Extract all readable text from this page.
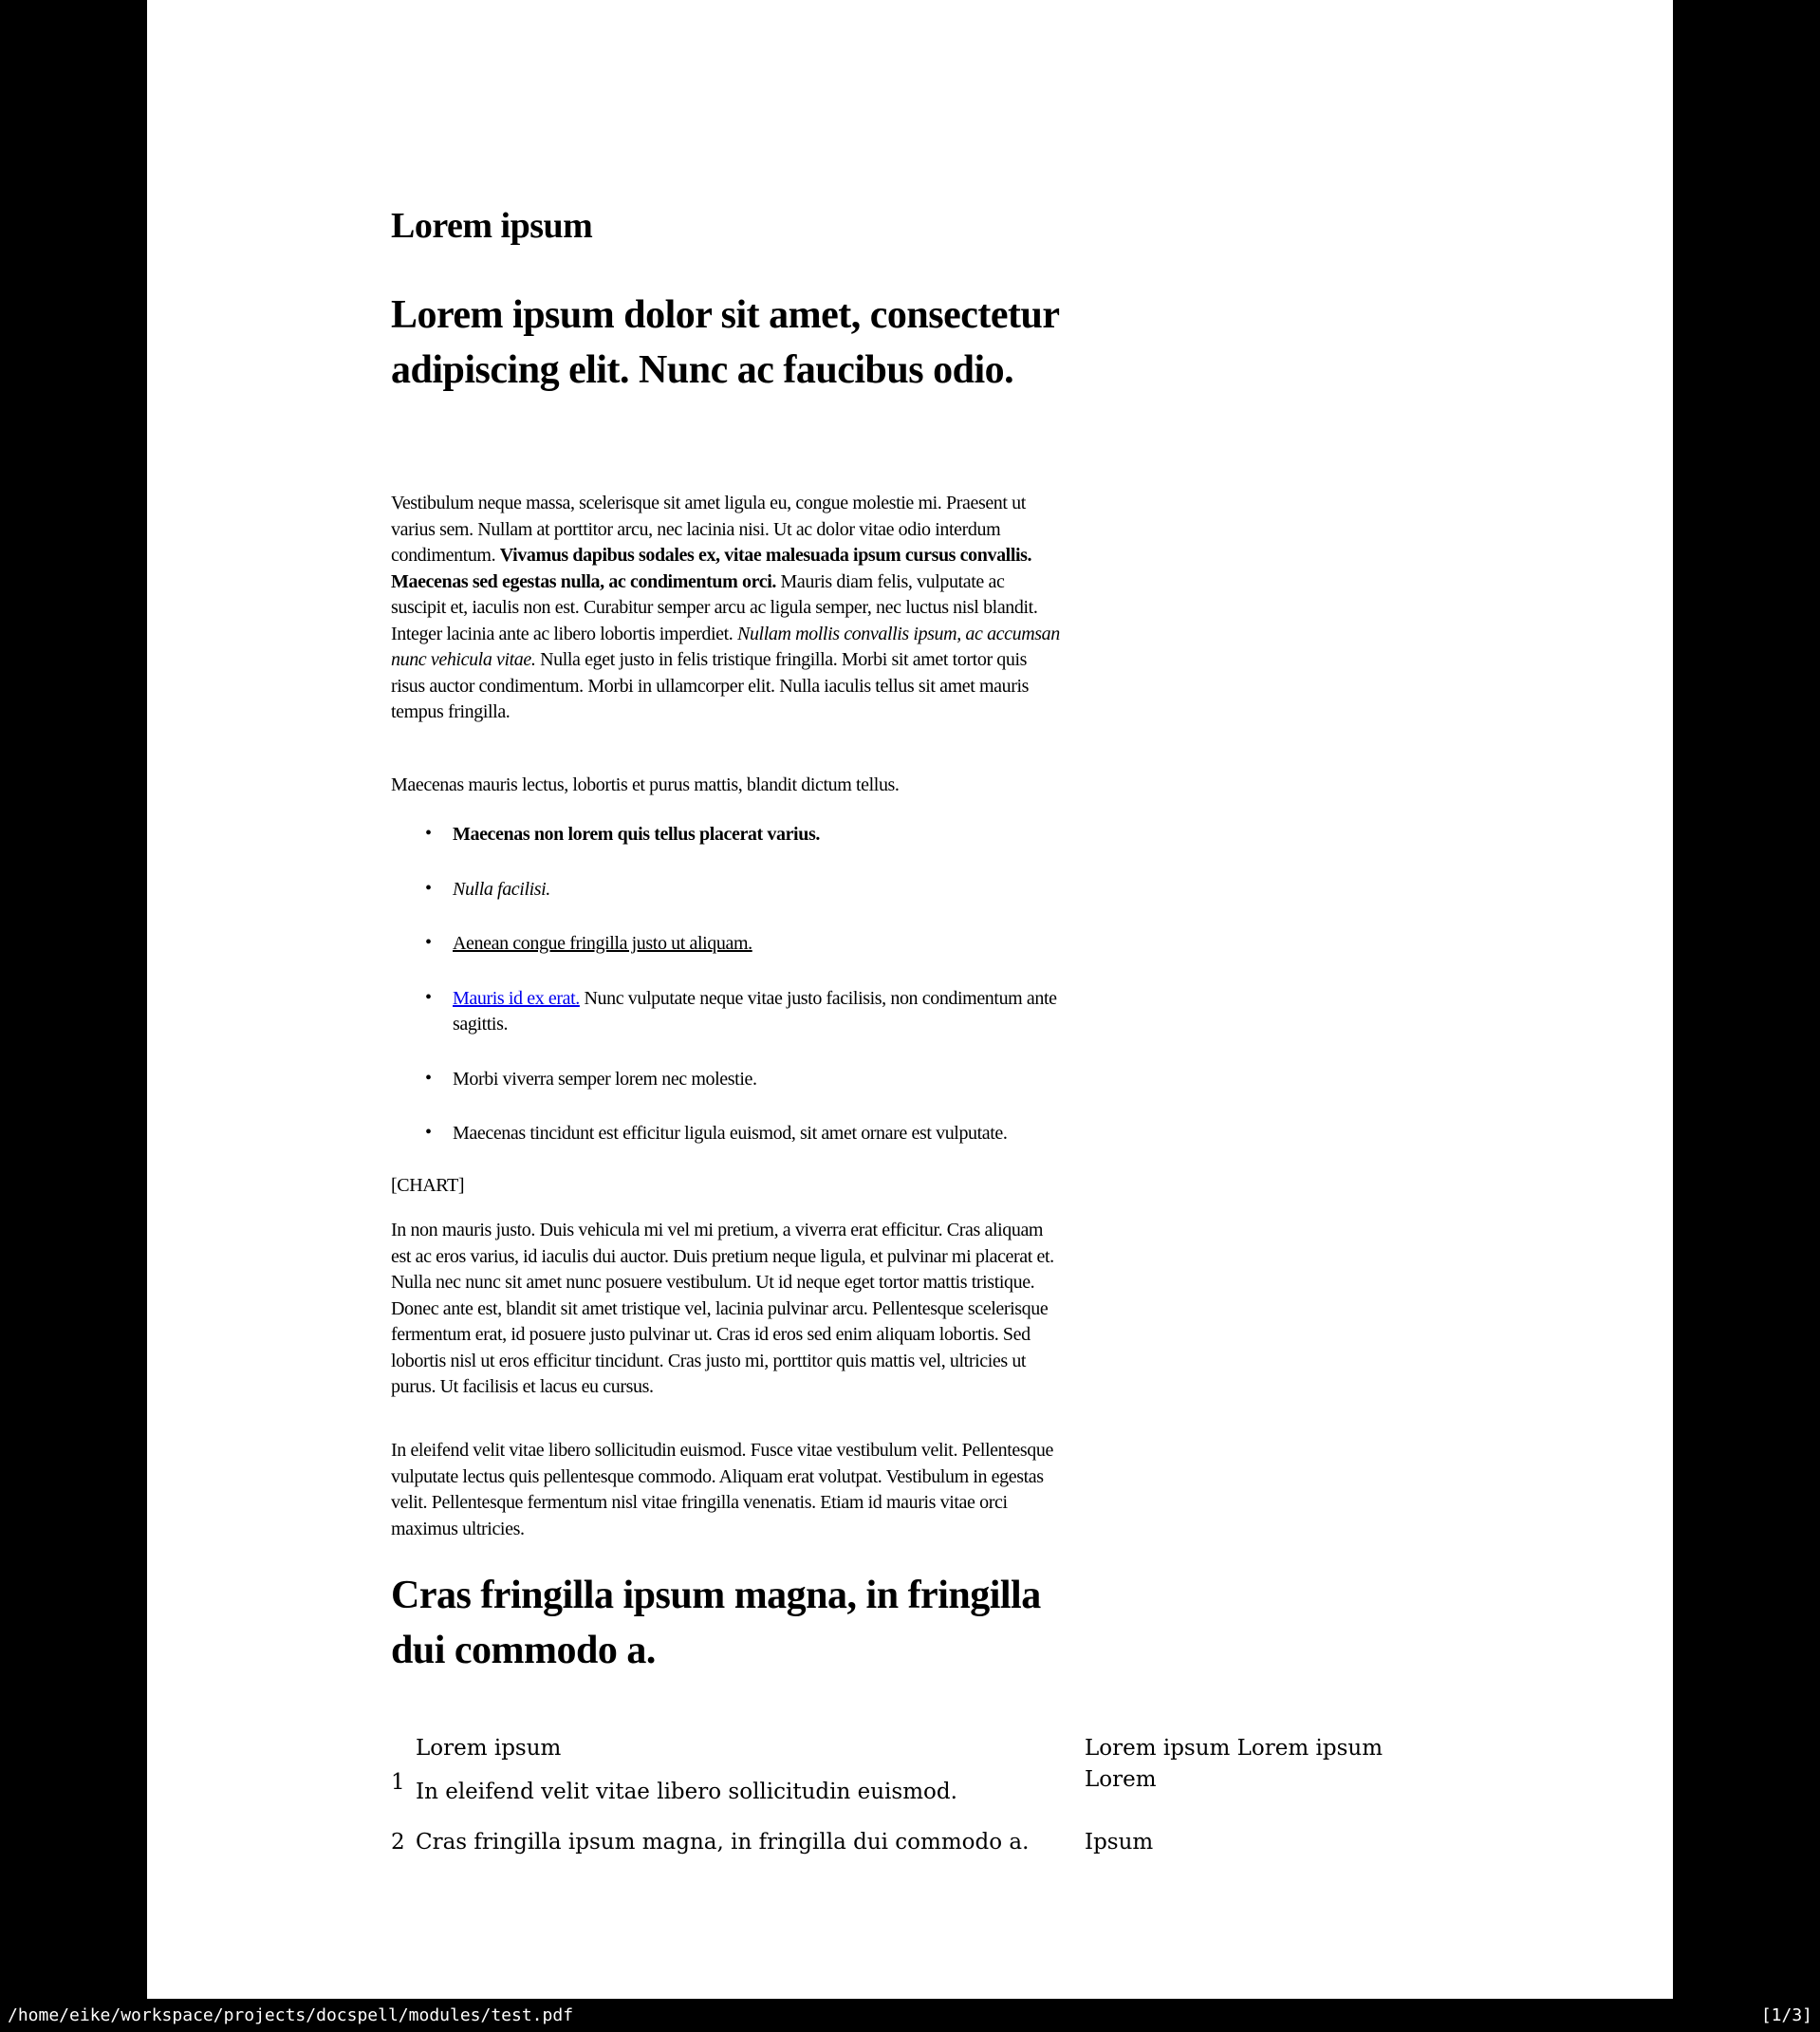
Lorem ipsum
Lorem ipsum dolor sit amet, consectetur adipiscing elit. Nunc ac faucibus odio.
Vestibulum neque massa, scelerisque sit amet ligula eu, congue molestie mi. Praesent ut varius sem. Nullam at porttitor arcu, nec lacinia nisi. Ut ac dolor vitae odio interdum condimentum. Vivamus dapibus sodales ex, vitae malesuada ipsum cursus convallis. Maecenas sed egestas nulla, ac condimentum orci. Mauris diam felis, vulputate ac suscipit et, iaculis non est. Curabitur semper arcu ac ligula semper, nec luctus nisl blandit. Integer lacinia ante ac libero lobortis imperdiet. Nullam mollis convallis ipsum, ac accumsan nunc vehicula vitae. Nulla eget justo in felis tristique fringilla. Morbi sit amet tortor quis risus auctor condimentum. Morbi in ullamcorper elit. Nulla iaculis tellus sit amet mauris tempus fringilla.
Maecenas mauris lectus, lobortis et purus mattis, blandit dictum tellus.
• Maecenas non lorem quis tellus placerat varius.
• Nulla facilisi.
• Aenean congue fringilla justo ut aliquam.
• Mauris id ex erat. Nunc vulputate neque vitae justo facilisis, non condimentum ante sagittis.
• Morbi viverra semper lorem nec molestie.
• Maecenas tincidunt est efficitur ligula euismod, sit amet ornare est vulputate.
[CHART]
In non mauris justo. Duis vehicula mi vel mi pretium, a viverra erat efficitur. Cras aliquam est ac eros varius, id iaculis dui auctor. Duis pretium neque ligula, et pulvinar mi placerat et. Nulla nec nunc sit amet nunc posuere vestibulum. Ut id neque eget tortor mattis tristique. Donec ante est, blandit sit amet tristique vel, lacinia pulvinar arcu. Pellentesque scelerisque fermentum erat, id posuere justo pulvinar ut. Cras id eros sed enim aliquam lobortis. Sed lobortis nisl ut eros efficitur tincidunt. Cras justo mi, porttitor quis mattis vel, ultricies ut purus. Ut facilisis et lacus eu cursus.
In eleifend velit vitae libero sollicitudin euismod. Fusce vitae vestibulum velit. Pellentesque vulputate lectus quis pellentesque commodo. Aliquam erat volutpat. Vestibulum in egestas velit. Pellentesque fermentum nisl vitae fringilla venenatis. Etiam id mauris vitae orci maximus ultricies.
Cras fringilla ipsum magna, in fringilla dui commodo a.
Lorem ipsum
1 In eleifend velit vitae libero sollicitudin euismod.
2 Cras fringilla ipsum magna, in fringilla dui commodo a.
Lorem ipsum Lorem ipsum Lorem
Ipsum
/home/eike/workspace/projects/docspell/modules/test.pdf	[1/3]
